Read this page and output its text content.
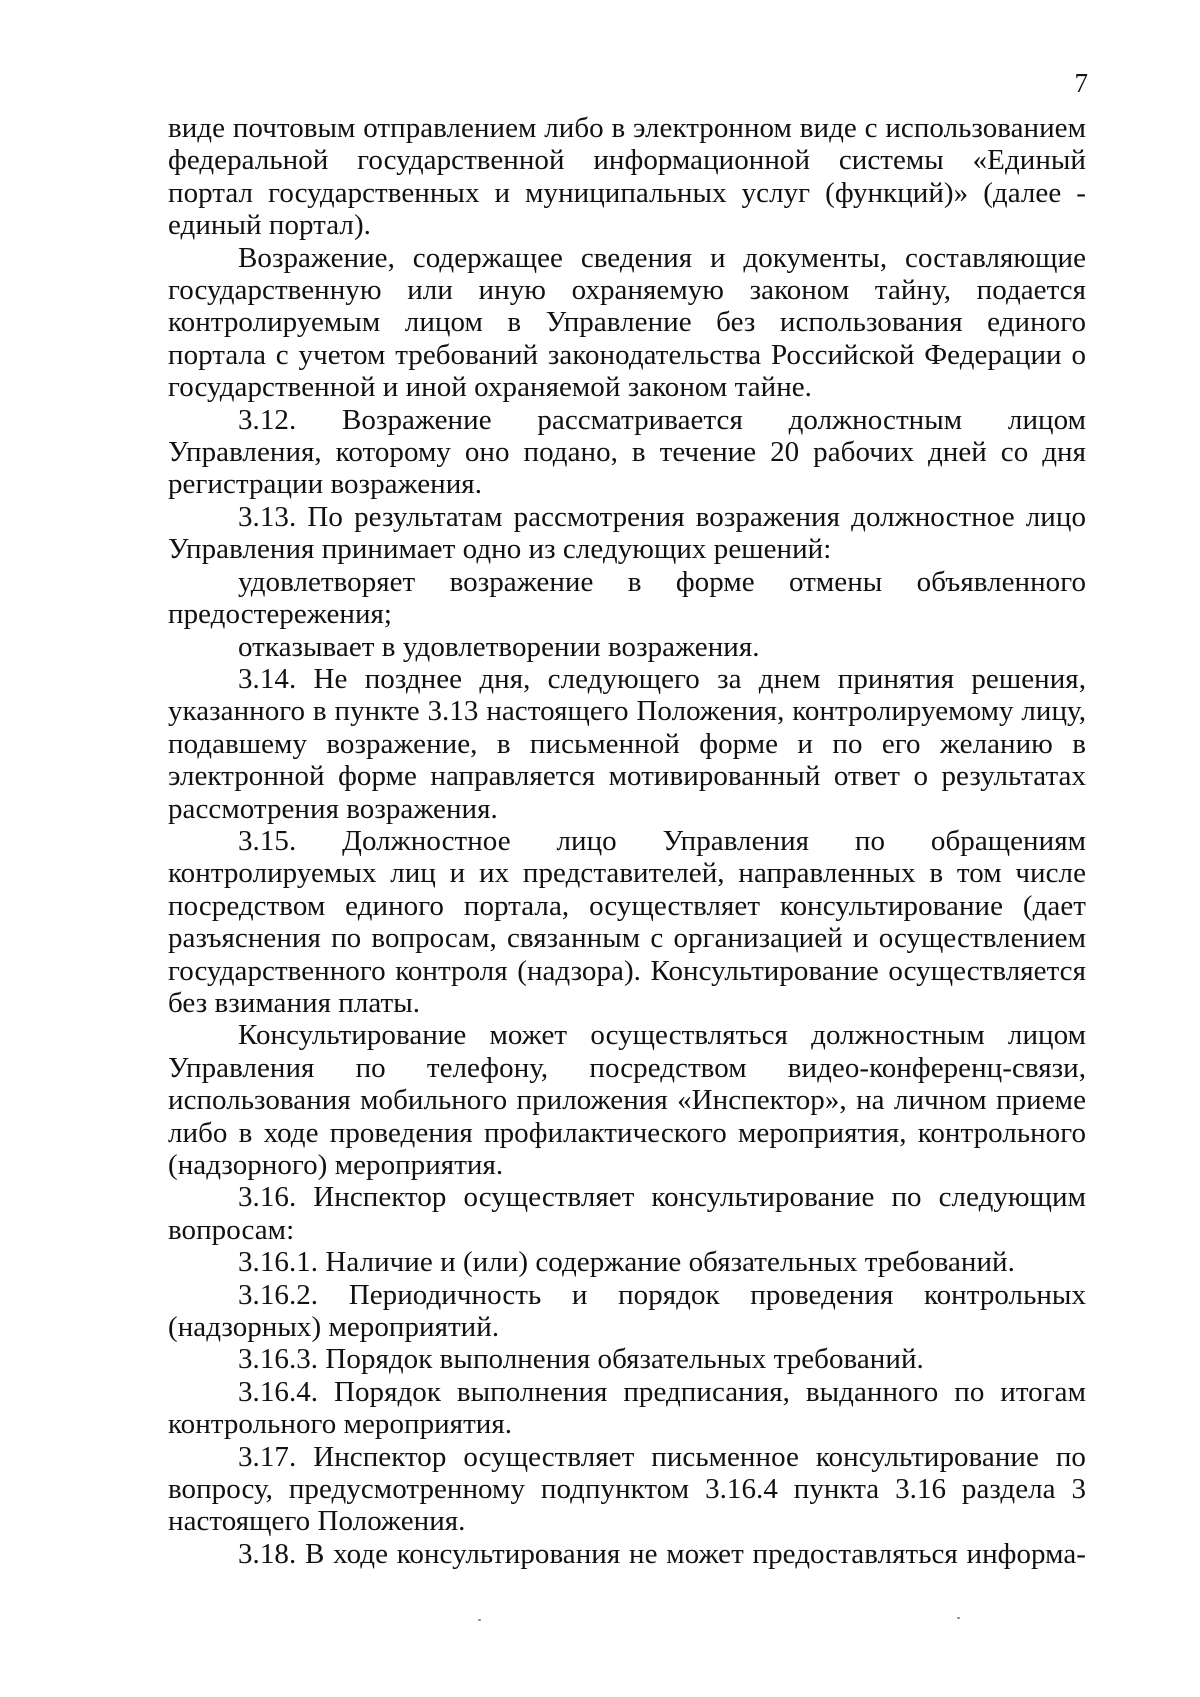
7

виде почтовым отправлением либо в электронном виде с использованием федеральной государственной информационной системы «Единый портал государственных и муниципальных услуг (функций)» (далее - единый портал).

Возражение, содержащее сведения и документы, составляющие государственную или иную охраняемую законом тайну, подается контролируемым лицом в Управление без использования единого портала с учетом требований законодательства Российской Федерации о государственной и иной охраняемой законом тайне.

3.12. Возражение рассматривается должностным лицом Управления, которому оно подано, в течение 20 рабочих дней со дня регистрации возражения.

3.13. По результатам рассмотрения возражения должностное лицо Управления принимает одно из следующих решений:

удовлетворяет возражение в форме отмены объявленного предостережения;

отказывает в удовлетворении возражения.

3.14. Не позднее дня, следующего за днем принятия решения, указанного в пункте 3.13 настоящего Положения, контролируемому лицу, подавшему возражение, в письменной форме и по его желанию в электронной форме направляется мотивированный ответ о результатах рассмотрения возражения.

3.15. Должностное лицо Управления по обращениям контролируемых лиц и их представителей, направленных в том числе посредством единого портала, осуществляет консультирование (дает разъяснения по вопросам, связанным с организацией и осуществлением государственного контроля (надзора). Консультирование осуществляется без взимания платы.

Консультирование может осуществляться должностным лицом Управления по телефону, посредством видео-конференц-связи, использования мобильного приложения «Инспектор», на личном приеме либо в ходе проведения профилактического мероприятия, контрольного (надзорного) мероприятия.

3.16. Инспектор осуществляет консультирование по следующим вопросам:

3.16.1. Наличие и (или) содержание обязательных требований.

3.16.2. Периодичность и порядок проведения контрольных (надзорных) мероприятий.

3.16.3. Порядок выполнения обязательных требований.

3.16.4. Порядок выполнения предписания, выданного по итогам контрольного мероприятия.

3.17. Инспектор осуществляет письменное консультирование по вопросу, предусмотренному подпунктом 3.16.4 пункта 3.16 раздела 3 настоящего Положения.

3.18. В ходе консультирования не может предоставляться информа-
